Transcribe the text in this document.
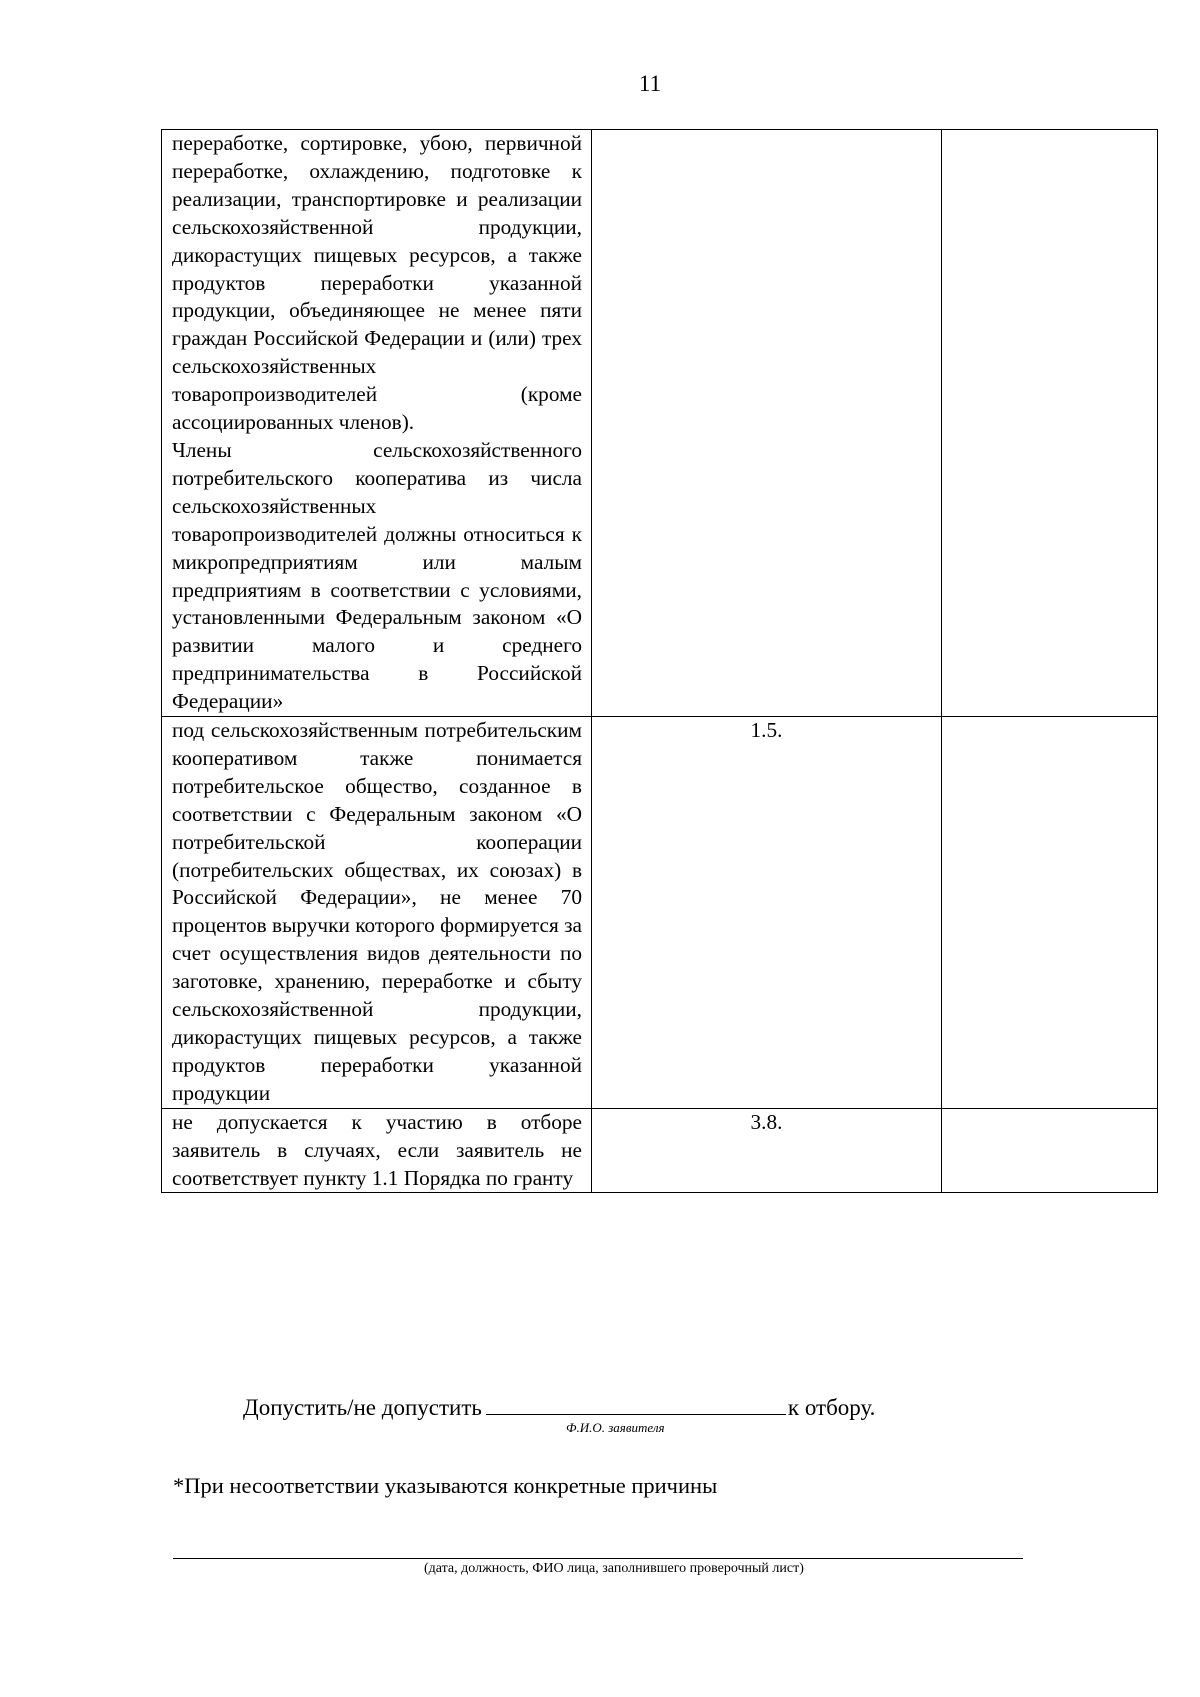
11
переработке, сортировке, убою, первичной переработке, охлаждению, подготовке к реализации, транспортировке и реализации сельскохозяйственной продукции, дикорастущих пищевых ресурсов, а также продуктов переработки указанной продукции, объединяющее не менее пяти граждан Российской Федерации и (или) трех сельскохозяйственных товаропроизводителей (кроме ассоциированных членов).
Члены сельскохозяйственного потребительского кооператива из числа сельскохозяйственных товаропроизводителей должны относиться к микропредприятиям или малым предприятиям в соответствии с условиями, установленными Федеральным законом «О развитии малого и среднего предпринимательства в Российской Федерации»		

под сельскохозяйственным потребительским кооперативом также понимается потребительское общество, созданное в соответствии с Федеральным законом «О потребительской кооперации (потребительских обществах, их союзах) в Российской Федерации», не менее 70 процентов выручки которого формируется за счет осуществления видов деятельности по заготовке, хранению, переработке и сбыту сельскохозяйственной продукции, дикорастущих пищевых ресурсов, а также продуктов переработки указанной продукции	1.5.	

не допускается к участию в отборе заявитель в случаях, если заявитель не соответствует пункту 1.1 Порядка по гранту	3.8.	
Допустить/не допустить	к отбору.
Ф.И.О. заявителя
*При несоответствии указываются конкретные причины
(дата, должность, ФИО лица, заполнившего проверочный лист)
